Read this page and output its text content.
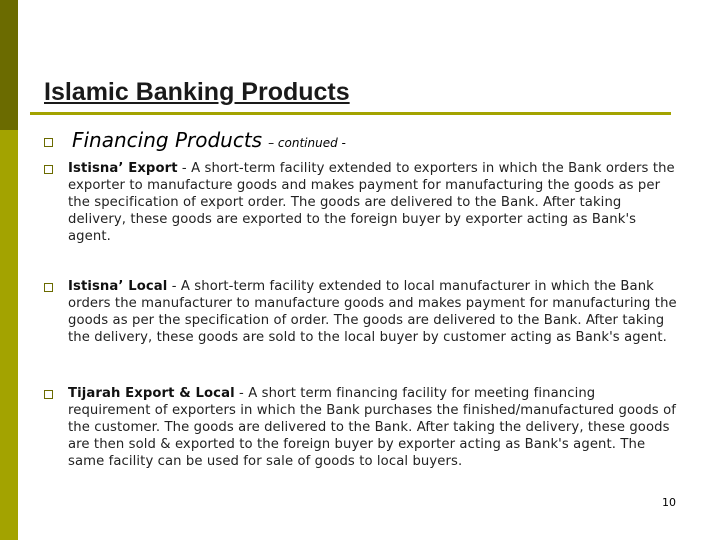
Islamic Banking Products
Financing Products – continued -
Istisna’ Export - A short-term facility extended to exporters in which the Bank orders the exporter to manufacture goods and makes payment for manufacturing the goods as per the specification of export order. The goods are delivered to the Bank. After taking delivery, these goods are exported to the foreign buyer by exporter acting as Bank's agent.
Istisna’ Local - A short-term facility extended to local manufacturer in which the Bank orders the manufacturer to manufacture goods and makes payment for manufacturing the goods as per the specification of order. The goods are delivered to the Bank. After taking the delivery, these goods are sold to the local buyer by customer acting as Bank's agent.
Tijarah Export & Local - A short term financing facility for meeting financing requirement of exporters in which the Bank purchases the finished/manufactured goods of the customer. The goods are delivered to the Bank. After taking the delivery, these goods are then sold & exported to the foreign buyer by exporter acting as Bank's agent. The same facility can be used for sale of goods to local buyers.
10
